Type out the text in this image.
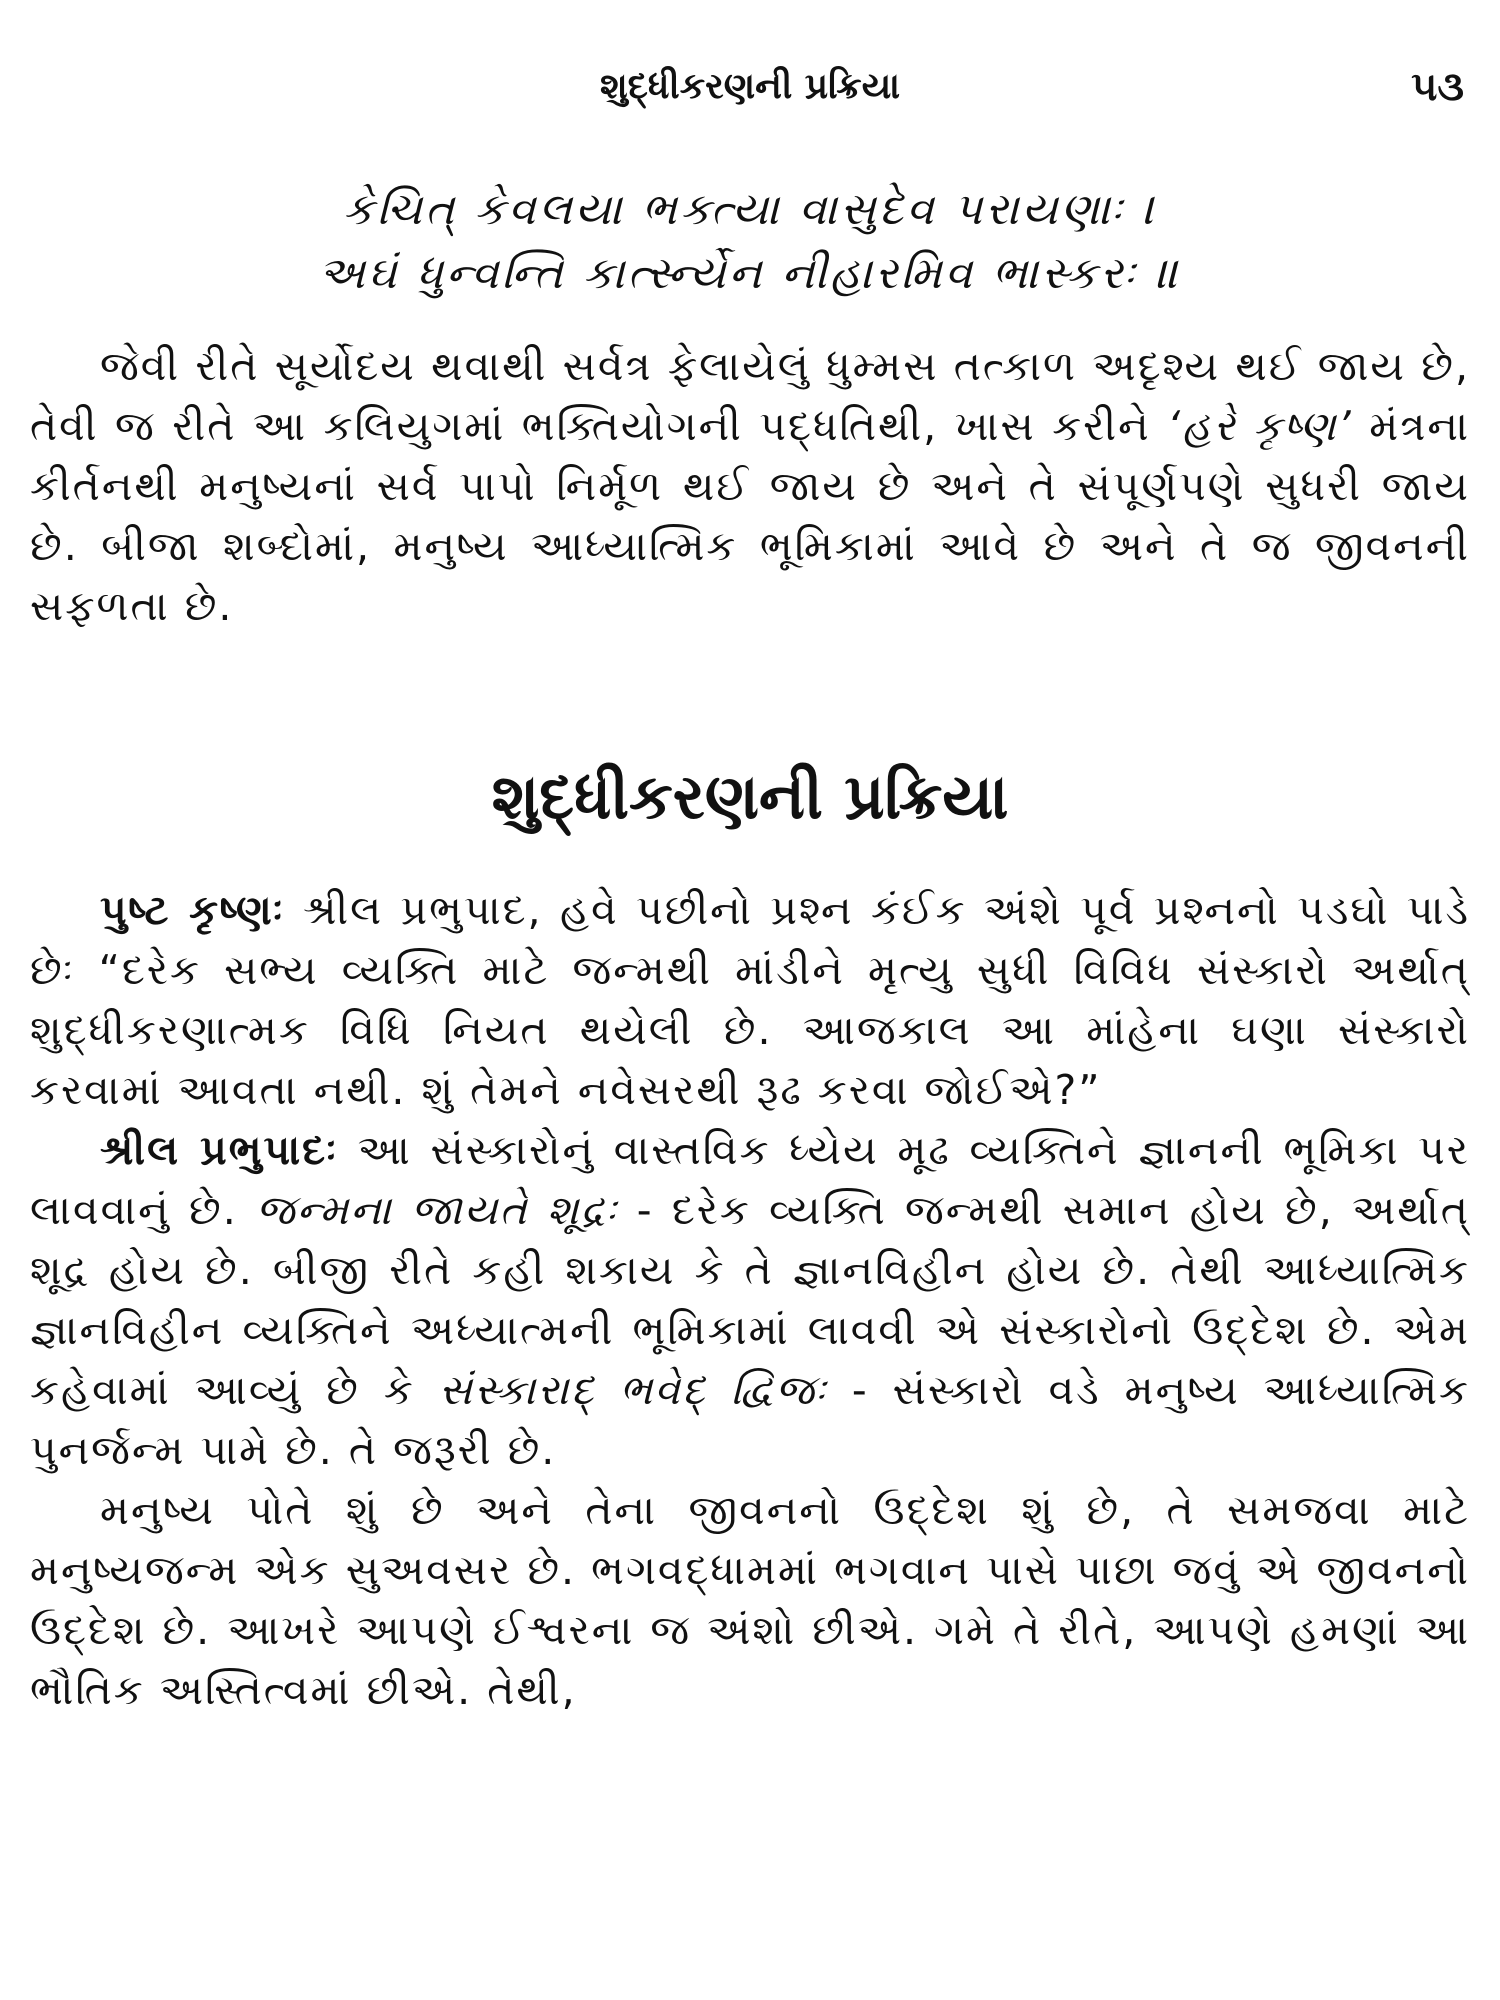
શુદ્ધીકરણની પ્રક્રિયા	૫૩
કેચિત્ કેવલયા ભક્ત્યા વાસુદેવ પરાયણાઃ ।
અઘં ધુન્વન્તિ કાર્ત્સ્ન્યેન નીહારમિવ ભાસ્કરઃ ॥

જેવી રીતે સૂર્યોદય થવાથી સર્વત્ર ફેલાયેલું ધુમ્મસ તત્કાળ અદૃશ્ય થઈ જાય છે, તેવી જ રીતે આ કલિયુગમાં ભક્તિયોગની પદ્ધતિથી, ખાસ કરીને ‘હરે કૃષ્ણ’ મંત્રના કીર્તનથી મનુષ્યનાં સર્વ પાપો નિર્મૂળ થઈ જાય છે અને તે સંપૂર્ણપણે સુધરી જાય છે. બીજા શબ્દોમાં, મનુષ્ય આધ્યાત્મિક ભૂમિકામાં આવે છે અને તે જ જીવનની સફળતા છે.

શુદ્ધીકરણની પ્રક્રિયા

પુષ્ટ કૃષ્ણઃ શ્રીલ પ્રભુપાદ, હવે પછીનો પ્રશ્ન કંઈક અંશે પૂર્વ પ્રશ્નનો પડઘો પાડે છેઃ “દરેક સભ્ય વ્યક્તિ માટે જન્મથી માંડીને મૃત્યુ સુધી વિવિધ સંસ્કારો અર્થાત્ શુદ્ધીકરણાત્મક વિધિ નિયત થયેલી છે. આજકાલ આ માંહેના ઘણા સંસ્કારો કરવામાં આવતા નથી. શું તેમને નવેસરથી રૂઢ કરવા જોઈએ?”

શ્રીલ પ્રભુપાદઃ આ સંસ્કારોનું વાસ્તવિક ધ્યેય મૂઢ વ્યક્તિને જ્ઞાનની ભૂમિકા પર લાવવાનું છે. જન્મના જાયતે શૂદ્રઃ - દરેક વ્યક્તિ જન્મથી સમાન હોય છે, અર્થાત્ શૂદ્ર હોય છે. બીજી રીતે કહી શકાય કે તે જ્ઞાનવિહીન હોય છે. તેથી આધ્યાત્મિક જ્ઞાનવિહીન વ્યક્તિને અધ્યાત્મની ભૂમિકામાં લાવવી એ સંસ્કારોનો ઉદ્દેશ છે. એમ કહેવામાં આવ્યું છે કે સંસ્કારાદ્ ભવેદ્ દ્વિજઃ - સંસ્કારો વડે મનુષ્ય આધ્યાત્મિક પુનર્જન્મ પામે છે. તે જરૂરી છે.

મનુષ્ય પોતે શું છે અને તેના જીવનનો ઉદ્દેશ શું છે, તે સમજવા માટે મનુષ્યજન્મ એક સુઅવસર છે. ભગવદ્ધામમાં ભગવાન પાસે પાછા જવું એ જીવનનો ઉદ્દેશ છે. આખરે આપણે ઈશ્વરના જ અંશો છીએ. ગમે તે રીતે, આપણે હમણાં આ ભૌતિક અસ્તિત્વમાં છીએ. તેથી,
